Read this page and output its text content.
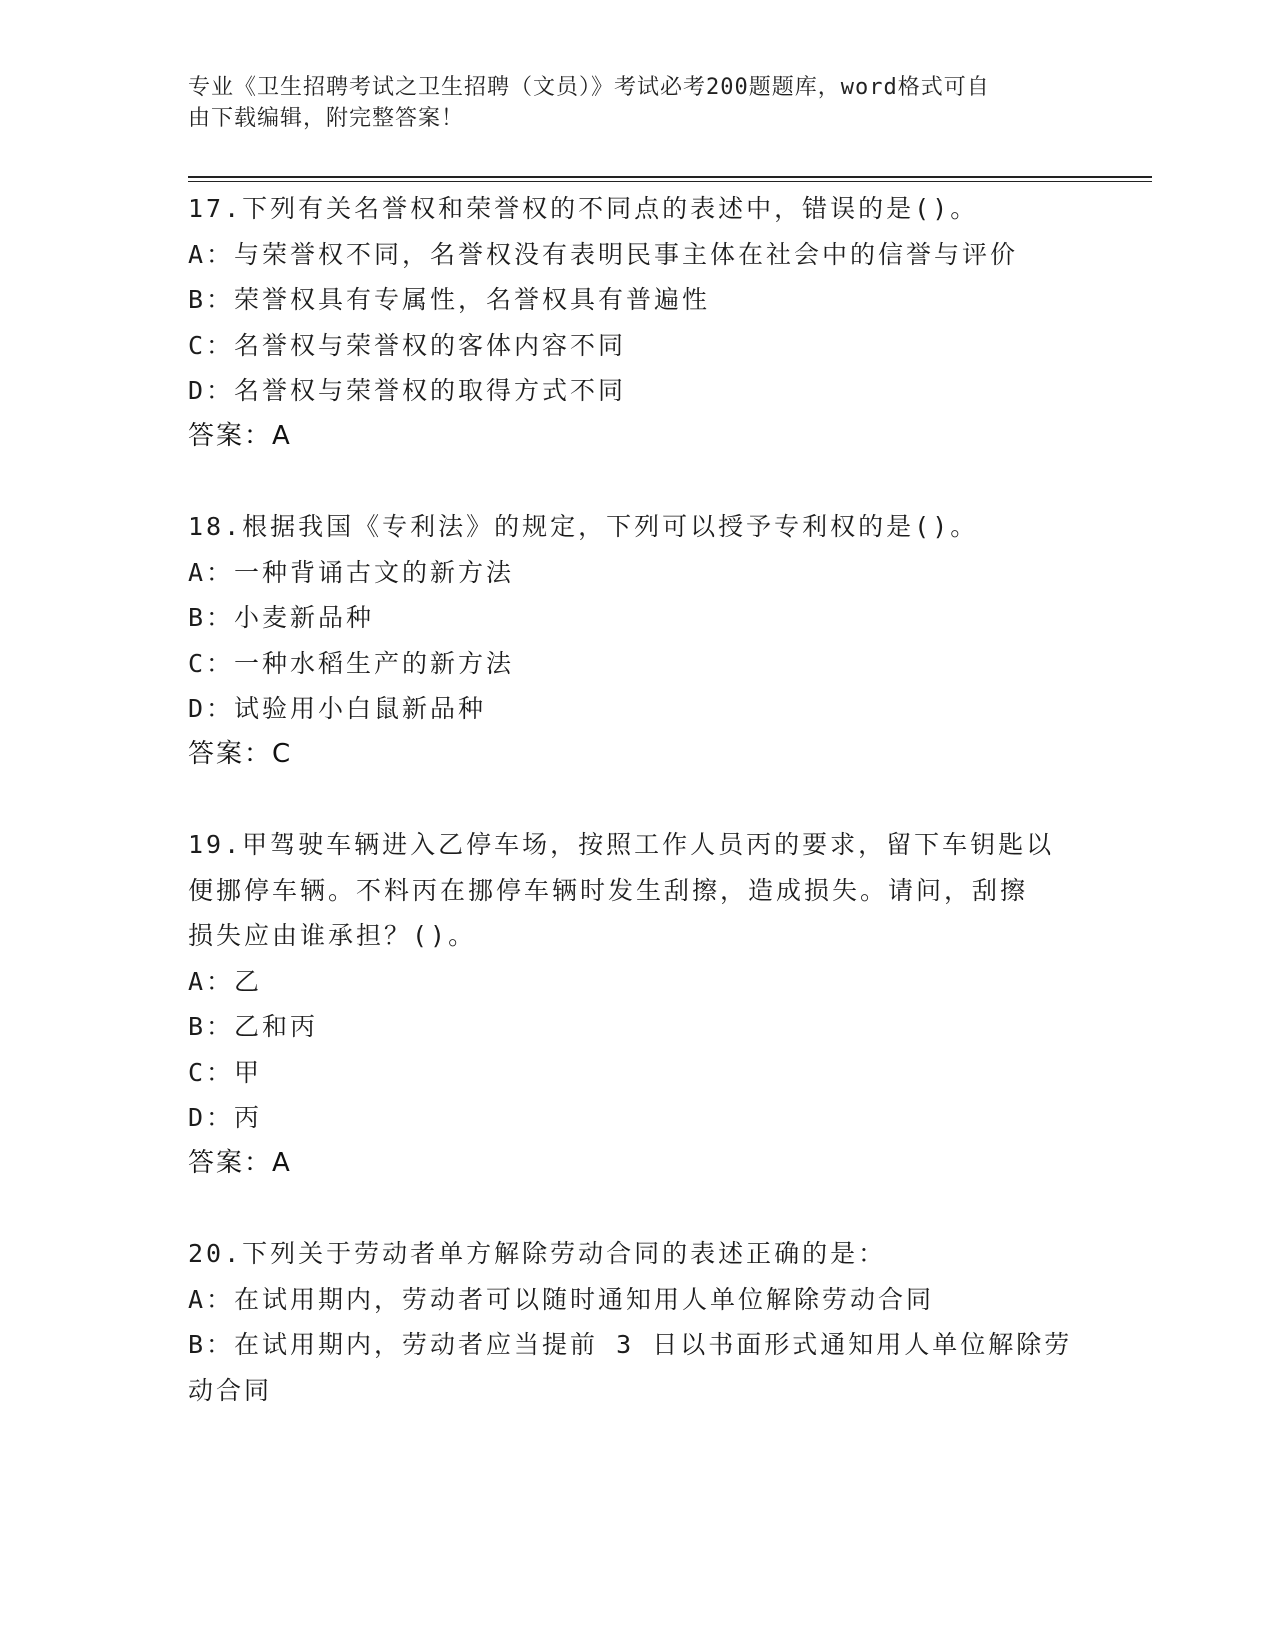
专业《卫生招聘考试之卫生招聘（文员）》考试必考200题题库，word格式可自
由下载编辑，附完整答案！
17.下列有关名誉权和荣誉权的不同点的表述中，错误的是()。
A：与荣誉权不同，名誉权没有表明民事主体在社会中的信誉与评价
B：荣誉权具有专属性，名誉权具有普遍性
C：名誉权与荣誉权的客体内容不同
D：名誉权与荣誉权的取得方式不同
答案：A
18.根据我国《专利法》的规定，下列可以授予专利权的是()。
A：一种背诵古文的新方法
B：小麦新品种
C：一种水稻生产的新方法
D：试验用小白鼠新品种
答案：C
19.甲驾驶车辆进入乙停车场，按照工作人员丙的要求，留下车钥匙以
便挪停车辆。不料丙在挪停车辆时发生刮擦，造成损失。请问，刮擦
损失应由谁承担？()。
A：乙
B：乙和丙
C：甲
D：丙
答案：A
20.下列关于劳动者单方解除劳动合同的表述正确的是：
A：在试用期内，劳动者可以随时通知用人单位解除劳动合同
B：在试用期内，劳动者应当提前 3 日以书面形式通知用人单位解除劳
动合同
